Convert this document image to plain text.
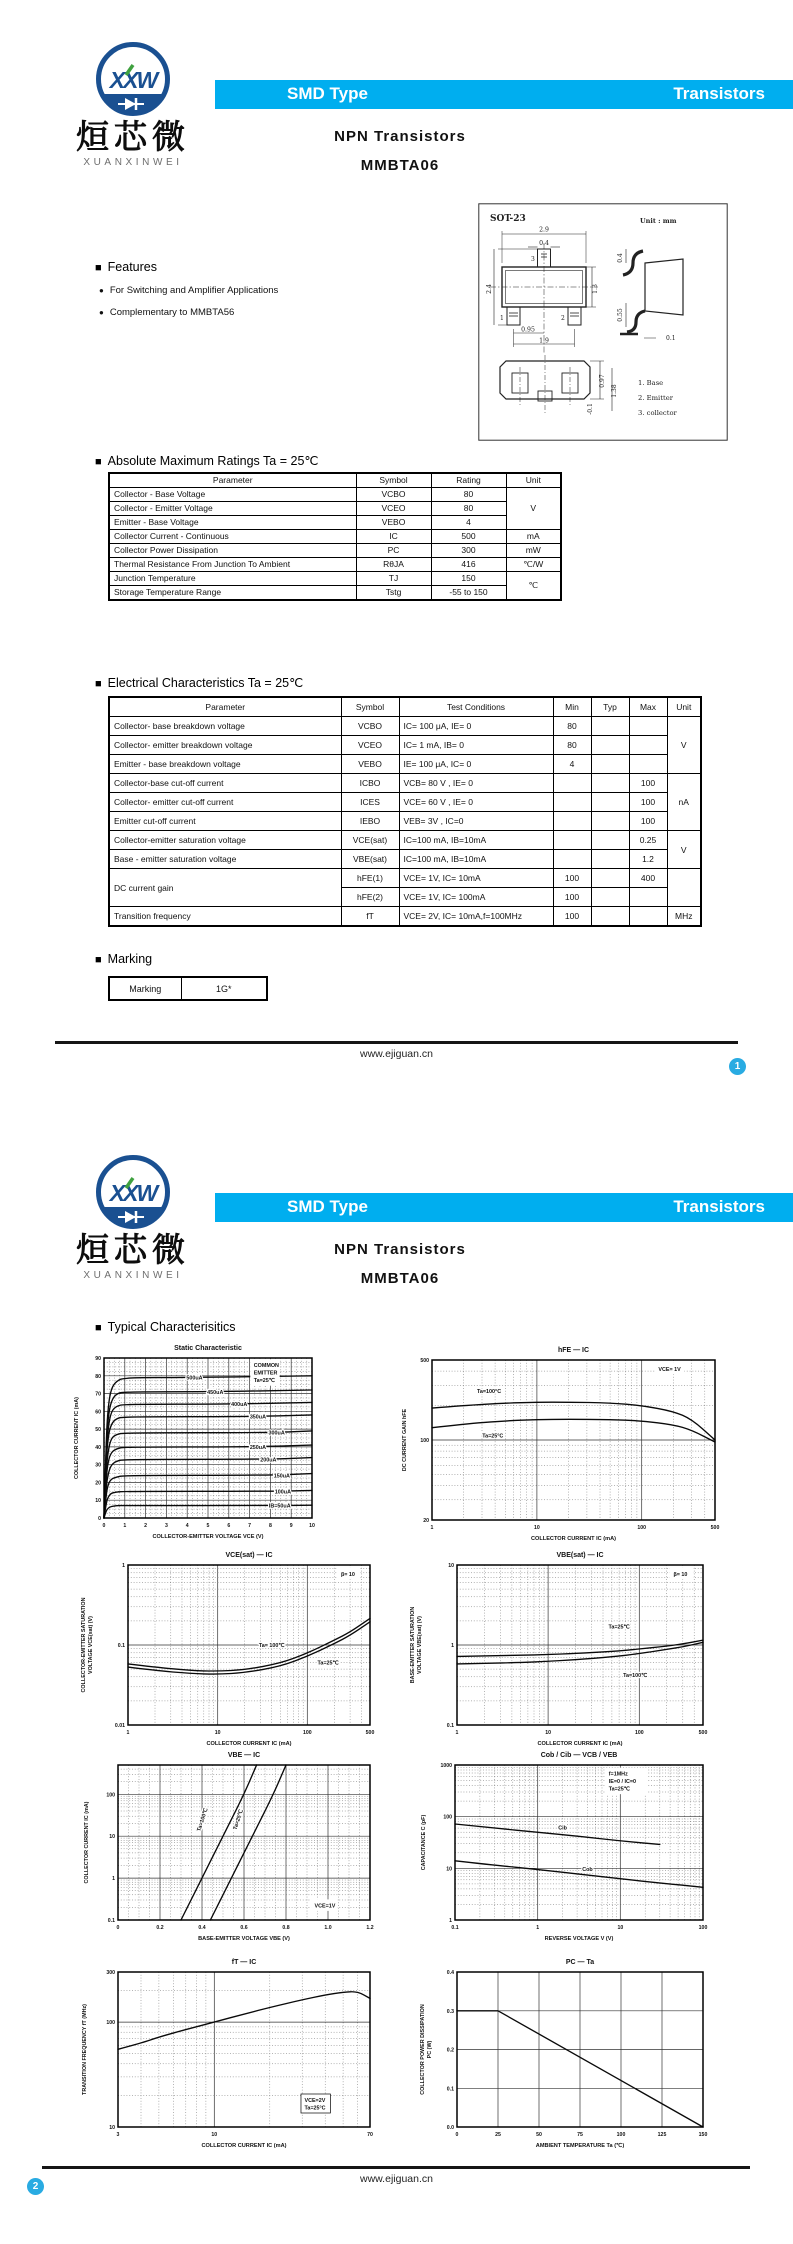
XXW
烜芯微
XUANXINWEI
SMD Type	Transistors
NPN Transistors
MMBTA06
■ Features
● For Switching and Amplifier Applications
● Complementary to MMBTA56
SOT-23	Unit : mm
3
1	2
2.9
0.4
2.4	1.3
0.95
1.9
0.4
0.55
0.1
0.97
1.38
-0.1
1. Base
2. Emitter
3. collector
■ Absolute Maximum Ratings Ta = 25℃
Parameter	Symbol	Rating	Unit
Collector - Base Voltage	VCBO	80	V
Collector - Emitter Voltage	VCEO	80	
Emitter - Base Voltage	VEBO	4	
Collector Current - Continuous	IC	500	mA
Collector Power Dissipation	PC	300	mW
Thermal Resistance From Junction To Ambient	RθJA	416	℃/W
Junction Temperature	TJ	150	℃
Storage Temperature Range	Tstg	-55 to 150	
■ Electrical Characteristics Ta = 25℃
Parameter	Symbol	Test Conditions	Min	Typ	Max	Unit
Collector- base breakdown voltage	VCBO	IC= 100 μA, IE= 0	80			V
Collector- emitter breakdown voltage	VCEO	IC= 1 mA, IB= 0	80			
Emitter - base breakdown voltage	VEBO	IE= 100 μA, IC= 0	4			
Collector-base cut-off current	ICBO	VCB= 80 V , IE= 0			100	nA
Collector- emitter cut-off current	ICES	VCE= 60 V , IE= 0			100	
Emitter cut-off current	IEBO	VEB= 3V , IC=0			100	
Collector-emitter saturation voltage	VCE(sat)	IC=100 mA, IB=10mA			0.25	V
Base - emitter saturation voltage	VBE(sat)	IC=100 mA, IB=10mA			1.2	
DC current gain	hFE(1)	VCE= 1V, IC= 10mA	100		400	
	hFE(2)	VCE= 1V, IC= 100mA	100			
Transition frequency	fT	VCE= 2V, IC= 10mA,f=100MHz	100			MHz
■ Marking
Marking	1G*
www.ejiguan.cn
1
XXW
烜芯微
XUANXINWEI
SMD Type	Transistors
NPN Transistors
MMBTA06
■ Typical Characterisitics
0	1	2	3	4	5	6	7	8	9	10
0
10
20
30
40
50
60
70
80
90
COLLECTOR-EMITTER VOLTAGE VCE (V)
COLLECTOR CURRENT IC (mA)
Static Characteristic
COMMON
EMITTER
Ta=25℃
500uA
450uA
400uA
350uA
300uA
250uA
200uA
150uA
100uA
IB=50uA
1	10	100	500
20
100
500
COLLECTOR CURRENT IC (mA)
DC CURRENT GAIN hFE
hFE — IC
VCE= 1V
Ta=100°C
Ta=25°C
1	10	100	500
0.01
0.1
1
COLLECTOR CURRENT IC (mA)
COLLECTOR-EMITTER SATURATION VOLTAGE VCE(sat) (V)
VCE(sat) — IC
β= 10
Ta= 100℃
Ta=25℃
1	10	100	500
0.1
1
10
COLLECTOR CURRENT IC (mA)
BASE-EMITTER SATURATION VOLTAGE VBE(sat) (V)
VBE(sat) — IC
β= 10
Ta=25℃
Ta=100℃
0	0.2	0.4	0.6	0.8	1.0	1.2
0.1
1
10
100
BASE-EMITTER VOLTAGE VBE (V)
COLLECTOR CURRENT IC (mA)
VBE — IC
VCE=1V
Ta=100℃	Ta=25℃
0.1	1	10	100
1
10
100
1000
REVERSE VOLTAGE V (V)
CAPACITANCE C (pF)
Cob / Cib — VCB / VEB
f=1MHz
IE=0 / IC=0
Ta=25℃
Cib
Cob
3	10	70
10
100
300
COLLECTOR CURRENT IC (mA)
TRANSITION FREQUENCY fT (MHz)
fT — IC
VCE=2V
Ta=25°C
0	25	50	75	100	125	150
0.0
0.1
0.2
0.3
0.4
AMBIENT TEMPERATURE Ta (℃)
COLLECTOR POWER DISSIPATION PC (W)
PC — Ta
www.ejiguan.cn
2
